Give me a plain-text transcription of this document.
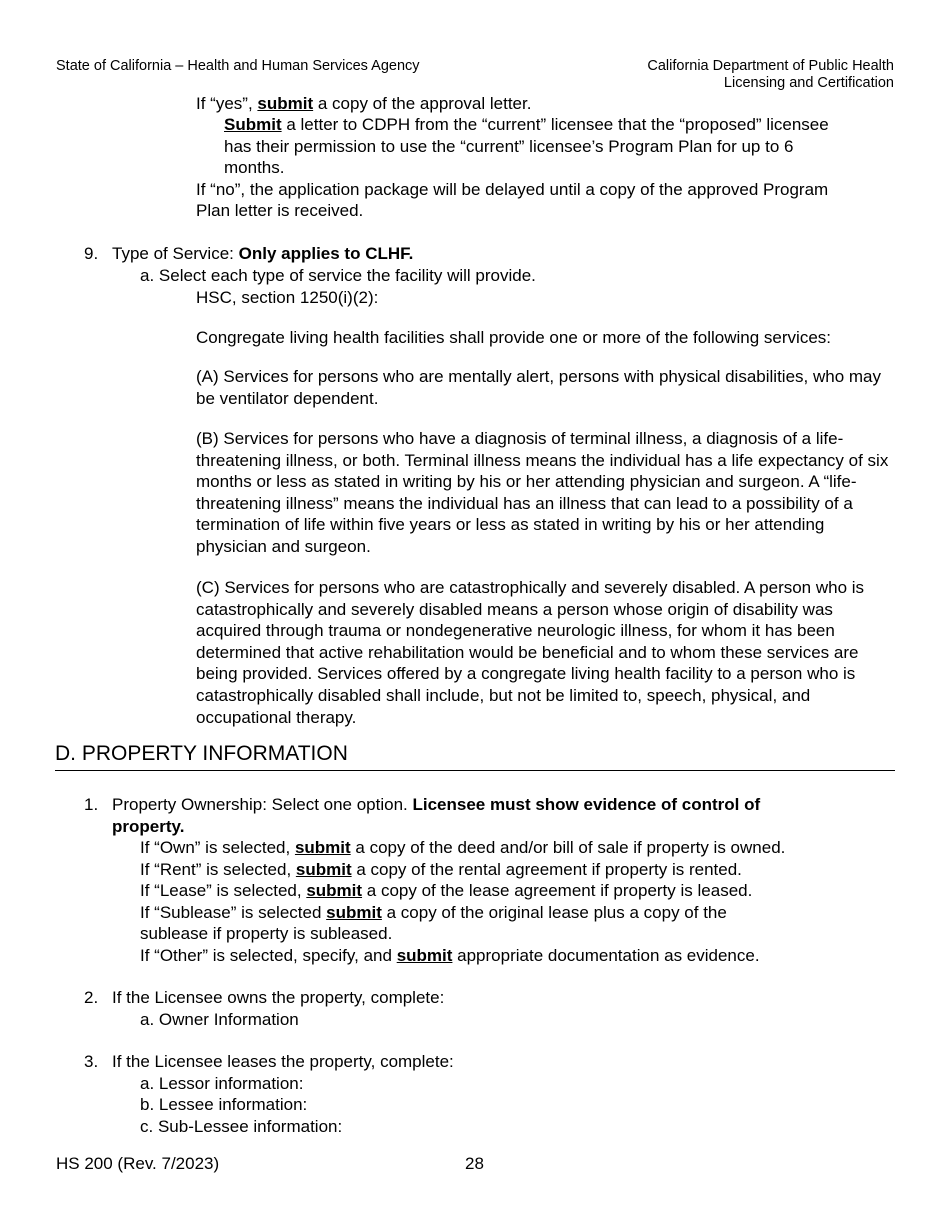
State of California – Health and Human Services Agency	California Department of Public Health
Licensing and Certification
If “yes”, submit a copy of the approval letter.
Submit a letter to CDPH from the “current” licensee that the “proposed” licensee
has their permission to use the “current” licensee’s Program Plan for up to 6
months.
If “no”, the application package will be delayed until a copy of the approved Program
Plan letter is received.
9. Type of Service: Only applies to CLHF.
a. Select each type of service the facility will provide.
HSC, section 1250(i)(2):
Congregate living health facilities shall provide one or more of the following services:
(A) Services for persons who are mentally alert, persons with physical disabilities, who may be ventilator dependent.
(B) Services for persons who have a diagnosis of terminal illness, a diagnosis of a life-threatening illness, or both. Terminal illness means the individual has a life expectancy of six months or less as stated in writing by his or her attending physician and surgeon. A “life-threatening illness” means the individual has an illness that can lead to a possibility of a termination of life within five years or less as stated in writing by his or her attending physician and surgeon.
(C) Services for persons who are catastrophically and severely disabled. A person who is catastrophically and severely disabled means a person whose origin of disability was acquired through trauma or nondegenerative neurologic illness, for whom it has been determined that active rehabilitation would be beneficial and to whom these services are being provided. Services offered by a congregate living health facility to a person who is catastrophically disabled shall include, but not be limited to, speech, physical, and occupational therapy.
D. PROPERTY INFORMATION
1. Property Ownership: Select one option. Licensee must show evidence of control of
property.
If “Own” is selected, submit a copy of the deed and/or bill of sale if property is owned.
If “Rent” is selected, submit a copy of the rental agreement if property is rented.
If “Lease” is selected, submit a copy of the lease agreement if property is leased.
If “Sublease” is selected submit a copy of the original lease plus a copy of the
sublease if property is subleased.
If “Other” is selected, specify, and submit appropriate documentation as evidence.
2. If the Licensee owns the property, complete:
a. Owner Information
3. If the Licensee leases the property, complete:
a. Lessor information:
b. Lessee information:
c. Sub-Lessee information:
HS 200 (Rev. 7/2023)	28
